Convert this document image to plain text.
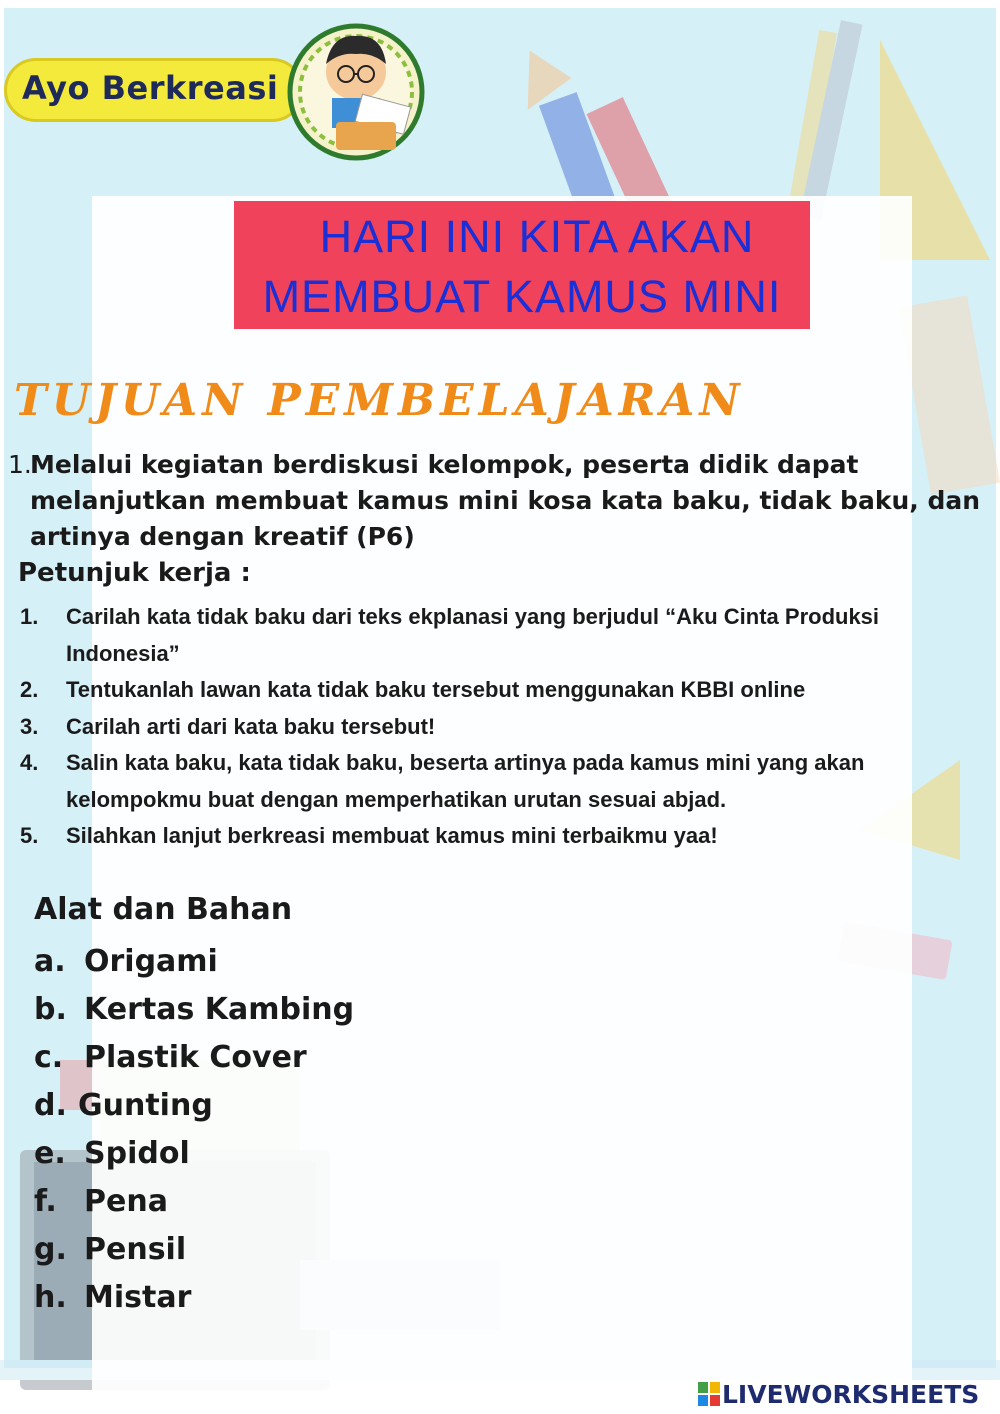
Ayo Berkreasi
HARI INI KITA AKAN
MEMBUAT KAMUS MINI
TUJUAN PEMBELAJARAN
1.
Melalui kegiatan berdiskusi kelompok, peserta didik dapat melanjutkan membuat kamus mini kosa kata baku, tidak baku, dan artinya dengan kreatif (P6)
Petunjuk kerja :
1. Carilah kata tidak baku dari teks ekplanasi yang berjudul “Aku Cinta Produksi Indonesia”
2. Tentukanlah lawan kata tidak baku tersebut menggunakan KBBI online
3. Carilah arti dari kata baku tersebut!
4. Salin kata baku, kata tidak baku, beserta artinya pada kamus mini yang akan kelompokmu buat dengan memperhatikan urutan sesuai abjad.
5. Silahkan lanjut berkreasi membuat kamus mini terbaikmu yaa!
Alat dan Bahan
a. Origami
b. Kertas Kambing
c. Plastik Cover
d. Gunting
e. Spidol
f. Pena
g. Pensil
h. Mistar
LIVEWORKSHEETS
